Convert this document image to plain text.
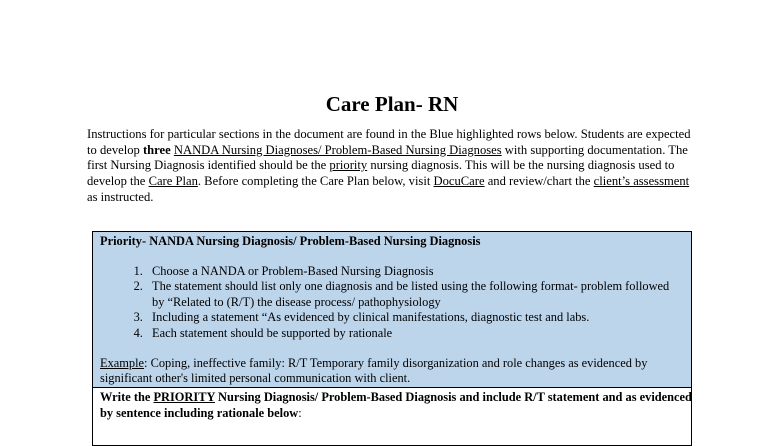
Care Plan- RN
Instructions for particular sections in the document are found in the Blue highlighted rows below. Students are expected to develop three NANDA Nursing Diagnoses/ Problem-Based Nursing Diagnoses with supporting documentation. The first Nursing Diagnosis identified should be the priority nursing diagnosis. This will be the nursing diagnosis used to develop the Care Plan. Before completing the Care Plan below, visit DocuCare and review/chart the client’s assessment as instructed.
Priority- NANDA Nursing Diagnosis/ Problem-Based Nursing Diagnosis
1. Choose a NANDA or Problem-Based Nursing Diagnosis
2. The statement should list only one diagnosis and be listed using the following format- problem followed by “Related to (R/T) the disease process/ pathophysiology
3. Including a statement “As evidenced by clinical manifestations, diagnostic test and labs.
4. Each statement should be supported by rationale
Example: Coping, ineffective family: R/T Temporary family disorganization and role changes as evidenced by significant other's limited personal communication with client.
Write the PRIORITY Nursing Diagnosis/ Problem-Based Diagnosis and include R/T statement and as evidenced by sentence including rationale below:
